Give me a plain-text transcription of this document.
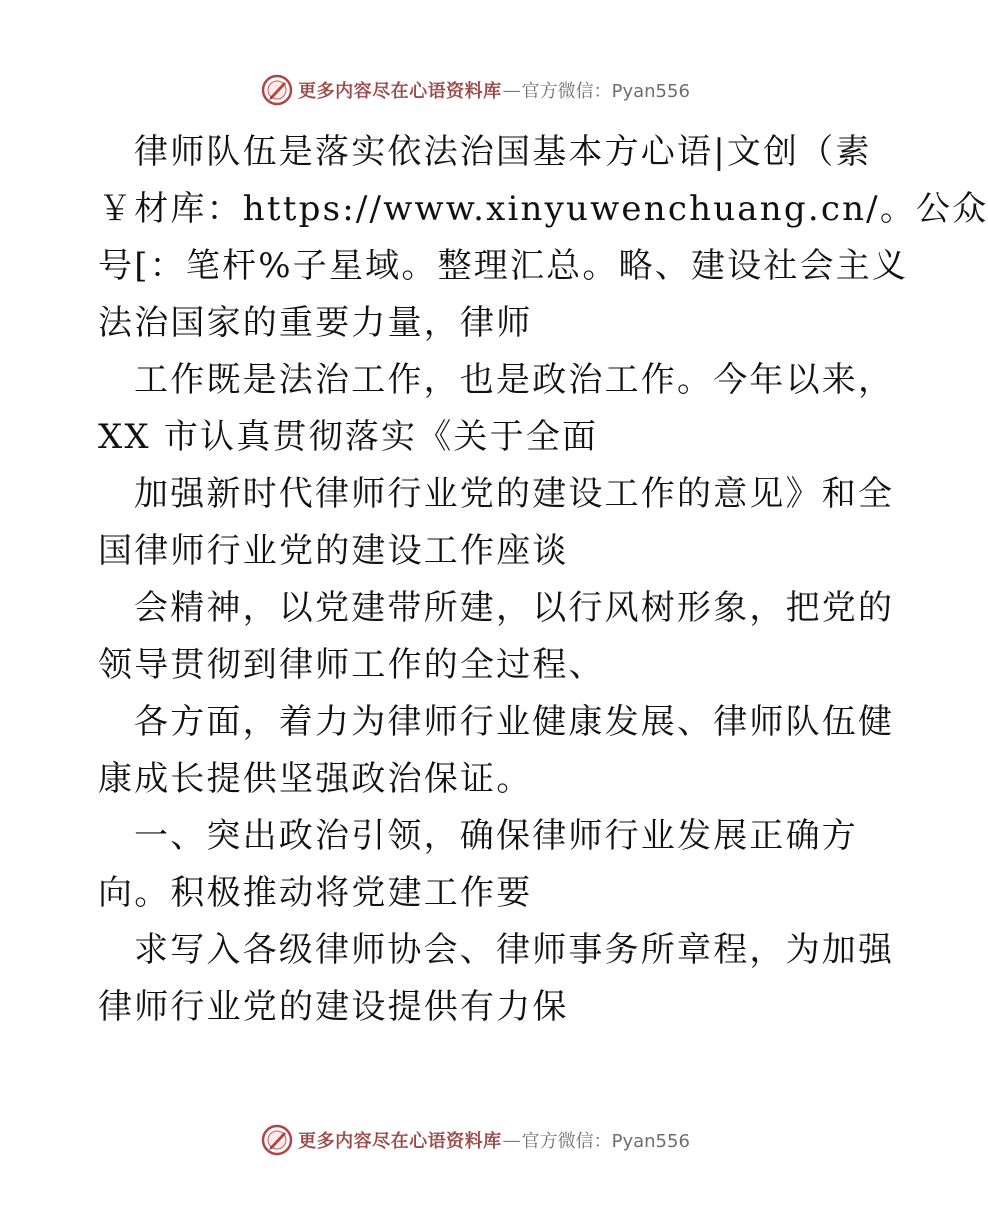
更多内容尽在心语资料库 — 官方微信：Pyan556

律师队伍是落实依法治国基本方心语|文创（素
￥材库：https://www.xinyuwenchuang.cn/。公众
号[：笔杆%子星域。整理汇总。略、建设社会主义
法治国家的重要力量，律师

工作既是法治工作，也是政治工作。今年以来，
XX 市认真贯彻落实《关于全面

加强新时代律师行业党的建设工作的意见》和全
国律师行业党的建设工作座谈

会精神，以党建带所建，以行风树形象，把党的
领导贯彻到律师工作的全过程、

各方面，着力为律师行业健康发展、律师队伍健
康成长提供坚强政治保证。

一、突出政治引领，确保律师行业发展正确方
向。积极推动将党建工作要

求写入各级律师协会、律师事务所章程，为加强
律师行业党的建设提供有力保

更多内容尽在心语资料库 — 官方微信：Pyan556
